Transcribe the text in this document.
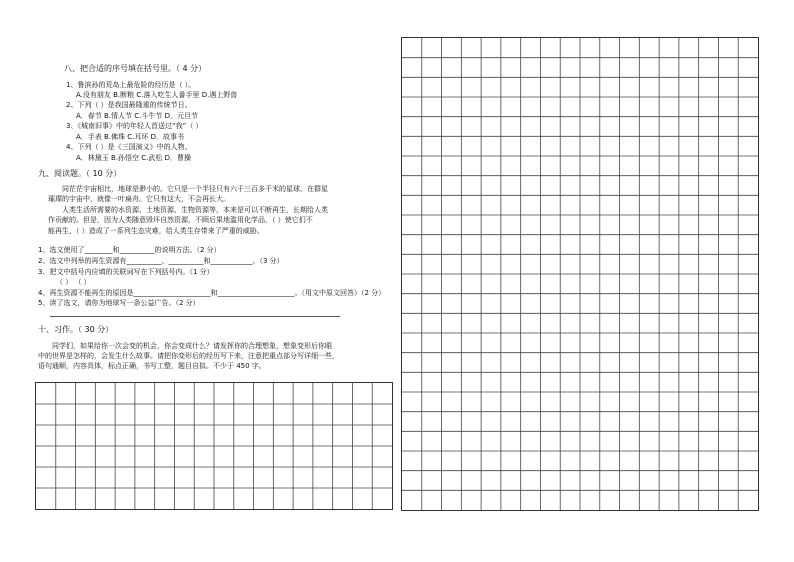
八、把合适的序号填在括号里。（ 4 分）
1、鲁滨孙的荒岛上最危险的经历是（ ）。
A.没有朋友 B.断粮 C.落入吃生人番手里 D.遇上野兽
2、下列（ ）是我国最隆重的传统节日。
A．春节 B.情人节 C.斗牛节 D．元旦节
3、《城南旧事》中的年轻人首送过“我”（ ）
A．手表 B.佛珠 C.耳环 D．故事书
4、下列（ ）是《三国演义》中的人物。
A．林黛玉 B.孙悟空 C.武松 D．曹操
九、阅读题。（ 10 分）
同茫茫宇宙相比，地球是渺小的。它只是一个半径只有六千三百多千米的星球。在群星
璀璨的宇宙中，就像一叶扁舟。它只有这大，不会再长大。
人类生活所需要的水资源、土地资源、生物资源等，本来是可以不断再生，长期给人类
作贡献的。但是，因为人类随意毁坏自然资源，不顾后果地滥用化学品，（ ）使它们不
能再生，（ ）造成了一系列生态灾难，给人类生存带来了严重的威胁。
1、选文使用了________和__________的说明方法。（2 分）
2、选文中列举的再生资源有__________、__________和____________。（3 分）
3、把文中括号内应填的关联词写在下列括号内。（1 分）
（ ） （ ）
4、再生资源不能再生的原因是______________________和______________________。（用文中原文回答）（2 分）
5、读了选文，请你为地球写一条公益广告。（2 分）
十、习作。（ 30 分）
同学们，如果给你一次会变的机会，你会变成什么？请发挥你的合理想象，想象变形后你眼
中的世界是怎样的，会发生什么故事。请把你变形后的经历写下来，注意把重点部分写详细一些，
语句通顺，内容具体，标点正确，书写工整，题目自拟。不少于 450 字。
